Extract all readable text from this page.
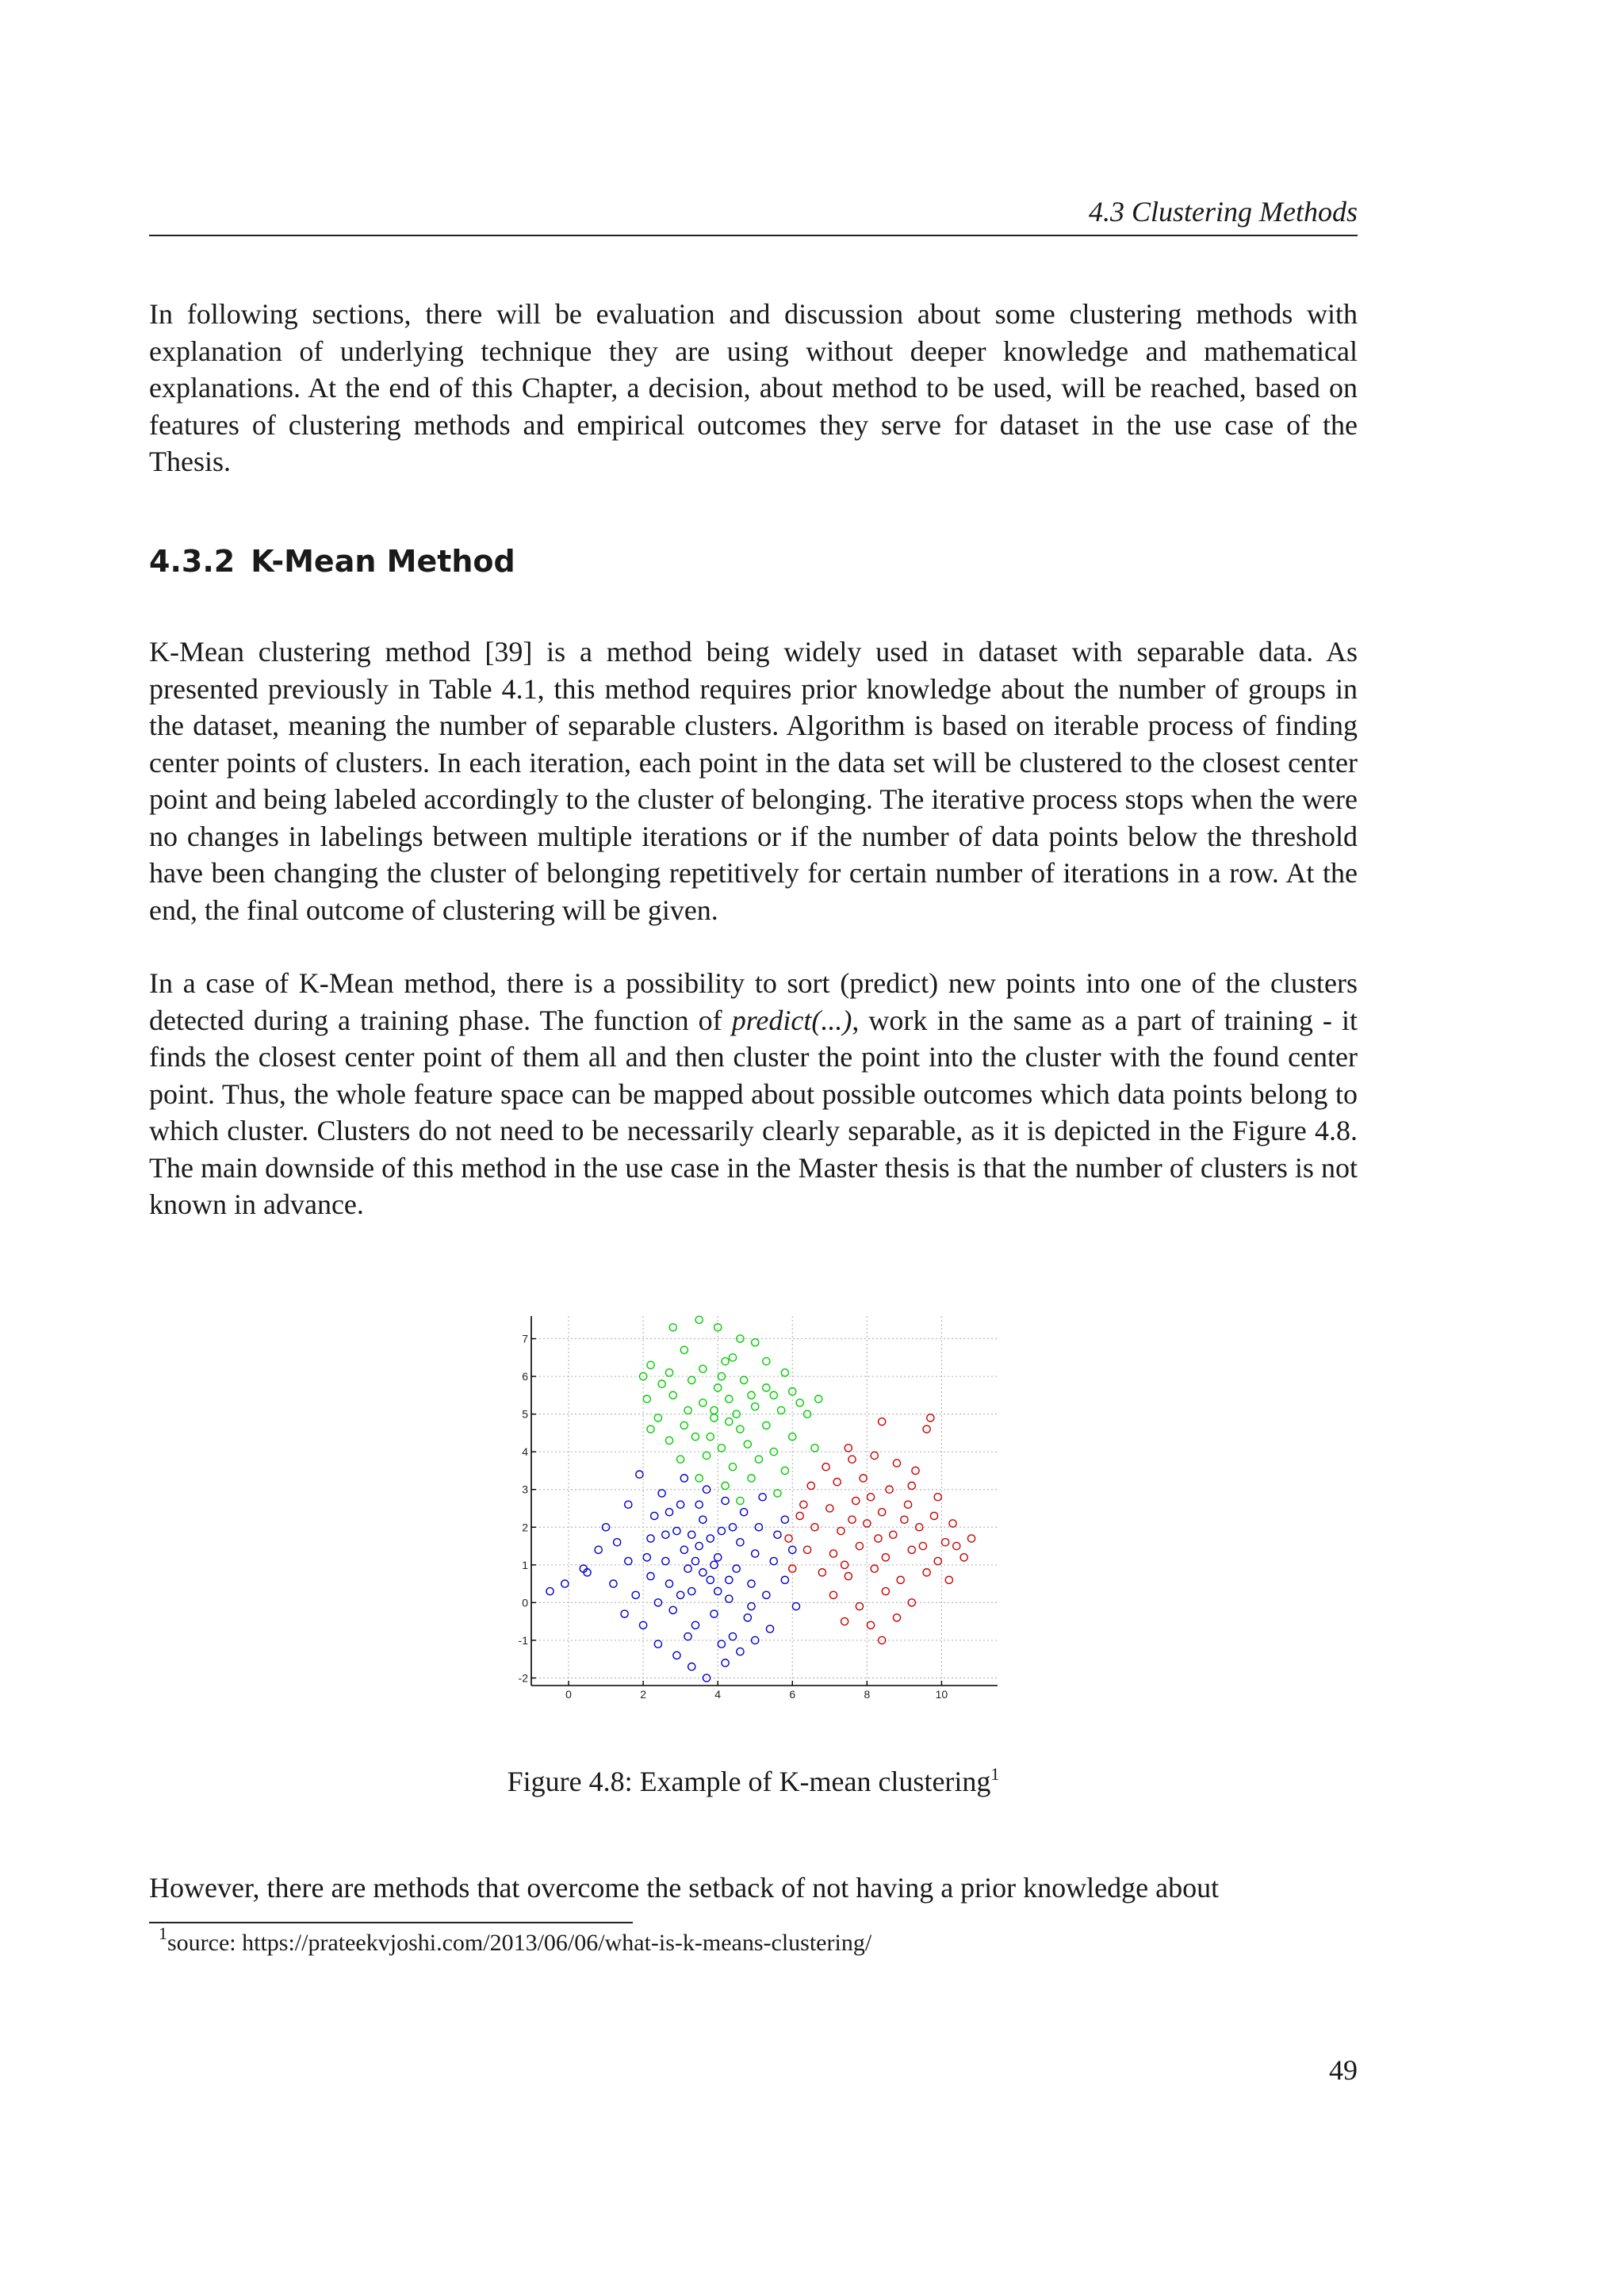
4.3 Clustering Methods

In following sections, there will be evaluation and discussion about some clustering methods with explanation of underlying technique they are using without deeper knowledge and mathematical explanations. At the end of this Chapter, a decision, about method to be used, will be reached, based on features of clustering methods and empirical outcomes they serve for dataset in the use case of the Thesis.

4.3.2 K-Mean Method

K-Mean clustering method [39] is a method being widely used in dataset with separable data. As presented previously in Table 4.1, this method requires prior knowledge about the number of groups in the dataset, meaning the number of separable clusters. Algorithm is based on iterable process of finding center points of clusters. In each iteration, each point in the data set will be clustered to the closest center point and being labeled accordingly to the cluster of belonging. The iterative process stops when the were no changes in labelings between multiple iterations or if the number of data points below the threshold have been changing the cluster of belonging repetitively for certain number of iterations in a row. At the end, the final outcome of clustering will be given.

In a case of K-Mean method, there is a possibility to sort (predict) new points into one of the clusters detected during a training phase. The function of predict(...), work in the same as a part of training - it finds the closest center point of them all and then cluster the point into the cluster with the found center point. Thus, the whole feature space can be mapped about possible outcomes which data points belong to which cluster. Clusters do not need to be necessarily clearly separable, as it is depicted in the Figure 4.8. The main downside of this method in the use case in the Master thesis is that the number of clusters is not known in advance.

0	2	4	6	8	10
-2
-1
0
1
2
3
4
5
6
7
Figure 4.8: Example of K-mean clustering$^1$

However, there are methods that overcome the setback of not having a prior knowledge about

$^1$source: https://prateekvjoshi.com/2013/06/06/what-is-k-means-clustering/
49
